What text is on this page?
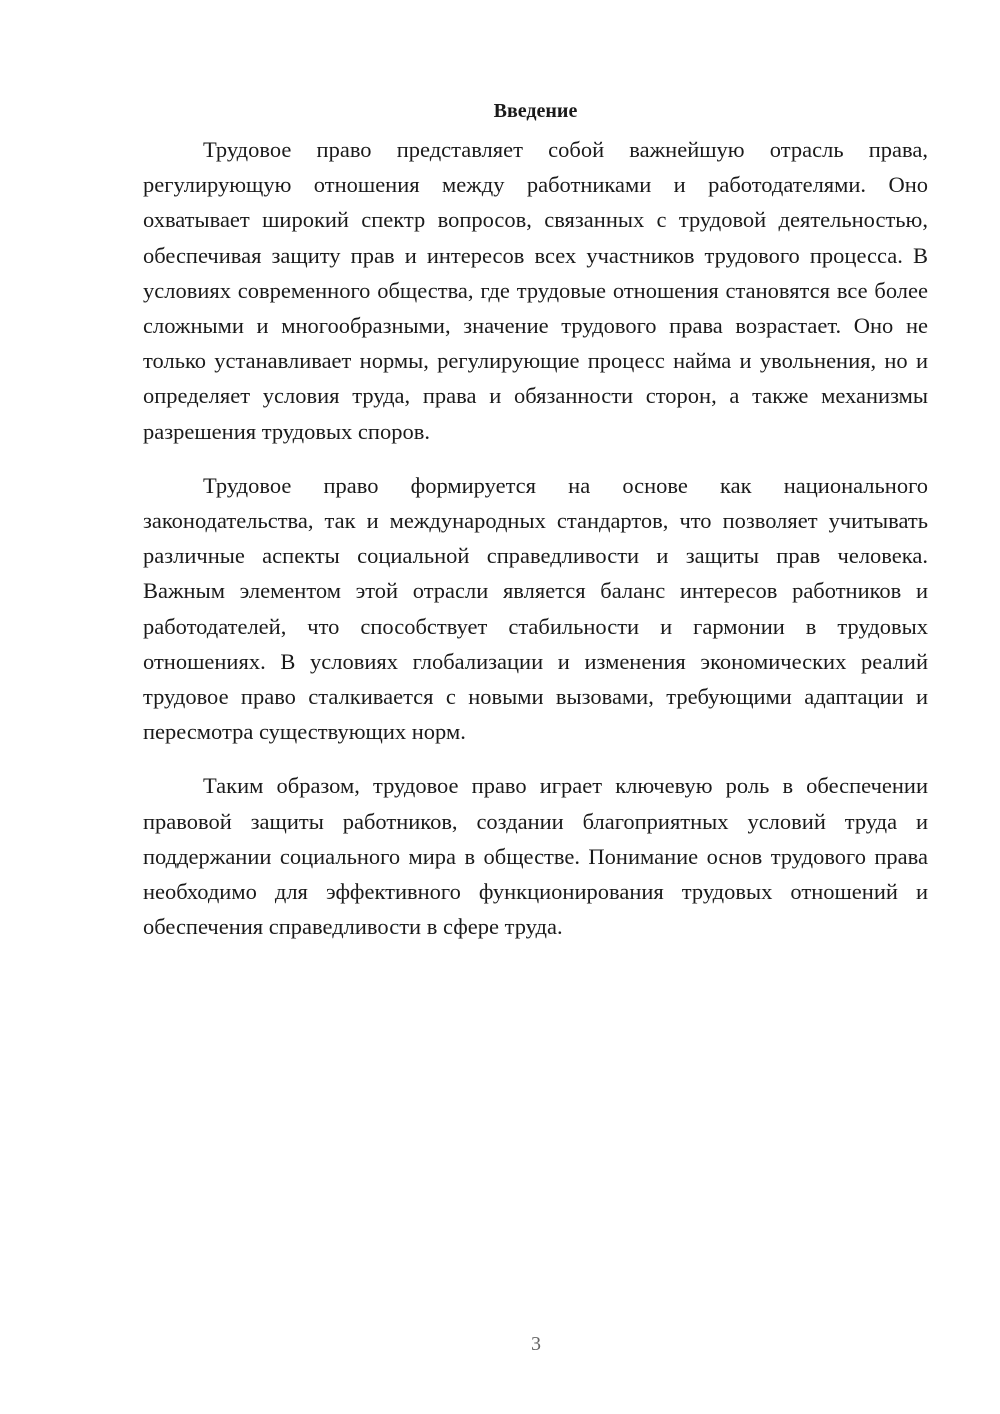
Введение

Трудовое право представляет собой важнейшую отрасль права, регулирующую отношения между работниками и работодателями. Оно охватывает широкий спектр вопросов, связанных с трудовой деятельностью, обеспечивая защиту прав и интересов всех участников трудового процесса. В условиях современного общества, где трудовые отношения становятся все более сложными и многообразными, значение трудового права возрастает. Оно не только устанавливает нормы, регулирующие процесс найма и увольнения, но и определяет условия труда, права и обязанности сторон, а также механизмы разрешения трудовых споров.

Трудовое право формируется на основе как национального законодательства, так и международных стандартов, что позволяет учитывать различные аспекты социальной справедливости и защиты прав человека. Важным элементом этой отрасли является баланс интересов работников и работодателей, что способствует стабильности и гармонии в трудовых отношениях. В условиях глобализации и изменения экономических реалий трудовое право сталкивается с новыми вызовами, требующими адаптации и пересмотра существующих норм.

Таким образом, трудовое право играет ключевую роль в обеспечении правовой защиты работников, создании благоприятных условий труда и поддержании социального мира в обществе. Понимание основ трудового права необходимо для эффективного функционирования трудовых отношений и обеспечения справедливости в сфере труда.

3
